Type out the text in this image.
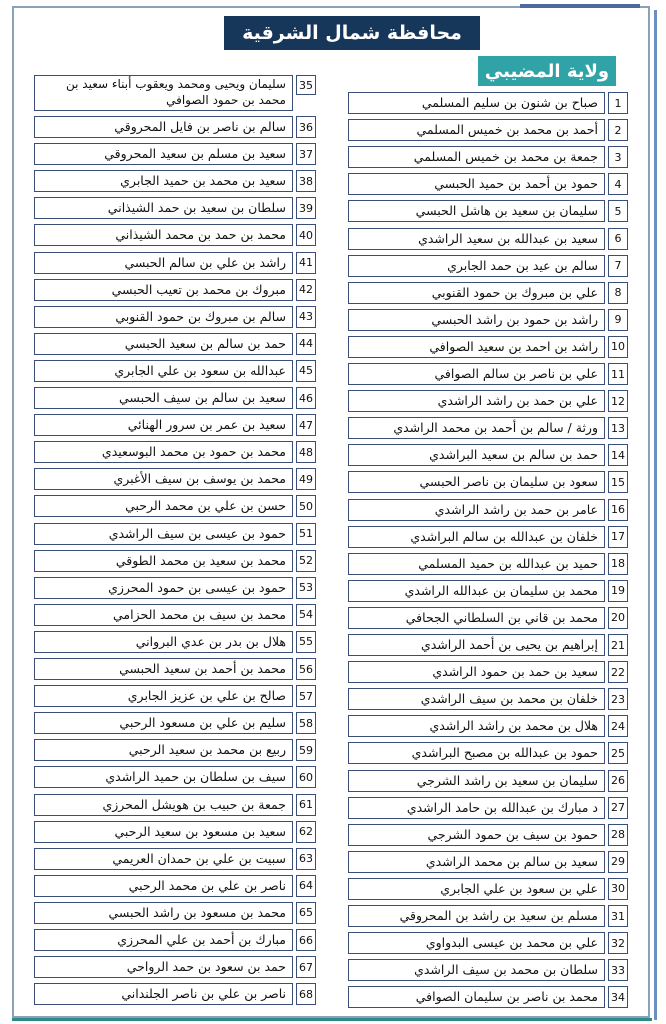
محافظة شمال الشرقية
ولاية المضيبي
صباح بن شنون بن سليم المسلمي	1
أحمد بن محمد بن خميس المسلمي	2
جمعة بن محمد بن خميس المسلمي	3
حمود بن أحمد بن حميد الحبسي	4
سليمان بن سعيد بن هاشل الحبسي	5
سعيد بن عبدالله بن سعيد الراشدي	6
سالم بن عيد بن حمد الجابري	7
علي بن مبروك بن حمود القنوبي	8
راشد بن حمود بن راشد الحبسي	9
راشد بن احمد بن سعيد الصوافي	10
علي بن ناصر بن سالم الصوافي	11
علي بن حمد بن راشد الراشدي	12
ورثة / سالم بن أحمد بن محمد الراشدي	13
حمد بن سالم بن سعيد البراشدي	14
سعود بن سليمان بن ناصر الحبسي	15
عامر بن حمد بن راشد الراشدي	16
خلفان بن عبدالله بن سالم البراشدي	17
حميد بن عبدالله بن حميد المسلمي	18
محمد بن سليمان بن عبدالله الراشدي	19
محمد بن قاني بن السلطاني الجحافي	20
إبراهيم بن يحيى بن أحمد الراشدي	21
سعيد بن حمد بن حمود الراشدي	22
خلفان بن محمد بن سيف الراشدي	23
هلال بن محمد بن راشد الراشدي	24
حمود بن عبدالله بن مصبح البراشدي	25
سليمان بن سعيد بن راشد الشرجي	26
د مبارك بن عبدالله بن حامد الراشدي	27
حمود بن سيف بن حمود الشرجي	28
سعيد بن سالم بن محمد الراشدي	29
علي بن سعود بن علي الجابري	30
مسلم بن سعيد بن راشد بن المحروقي	31
علي بن محمد بن عيسى البدواوي	32
سلطان بن محمد بن سيف الراشدي	33
محمد بن ناصر بن سليمان الصوافي	34
سليمان ويحيى ومحمد ويعقوب أبناء سعيد بن محمد بن حمود الصوافي
35
سالم بن ناصر بن فايل المحروقي	36
سعيد بن مسلم بن سعيد المحروقي	37
سعيد بن محمد بن حميد الجابري	38
سلطان بن سعيد بن حمد الشيذاني	39
محمد بن حمد بن محمد الشيذاني	40
راشد بن علي بن سالم الحبسي	41
مبروك بن محمد بن تعيب الحبسي	42
سالم بن مبروك بن حمود القنوبي	43
حمد بن سالم بن سعيد الحبسي	44
عبدالله بن سعود بن علي الجابري	45
سعيد بن سالم بن سيف الحبسي	46
سعيد بن عمر بن سرور الهنائي	47
محمد بن حمود بن محمد البوسعيدي	48
محمد بن يوسف بن سيف الأغبري	49
حسن بن علي بن محمد الرحبي	50
حمود بن عيسى بن سيف الراشدي	51
محمد بن سعيد بن محمد الطوقي	52
حمود بن عيسى بن حمود المحرزي	53
محمد بن سيف بن محمد الحزامي	54
هلال بن بدر بن عدي البرواني	55
محمد بن أحمد بن سعيد الحبسي	56
صالح بن علي بن عزيز الجابري	57
سليم بن علي بن مسعود الرحبي	58
ربيع بن محمد بن سعيد الرحبي	59
سيف بن سلطان بن حميد الراشدي	60
جمعة بن حبيب بن هويشل المحرزي	61
سعيد بن مسعود بن سعيد الرحبي	62
سبيت بن علي بن حمدان العريمي	63
ناصر بن علي بن محمد الرحبي	64
محمد بن مسعود بن راشد الحبسي	65
مبارك بن أحمد بن علي المحرزي	66
حمد بن سعود بن حمد الرواحي	67
ناصر بن علي بن ناصر الجلنداني	68
